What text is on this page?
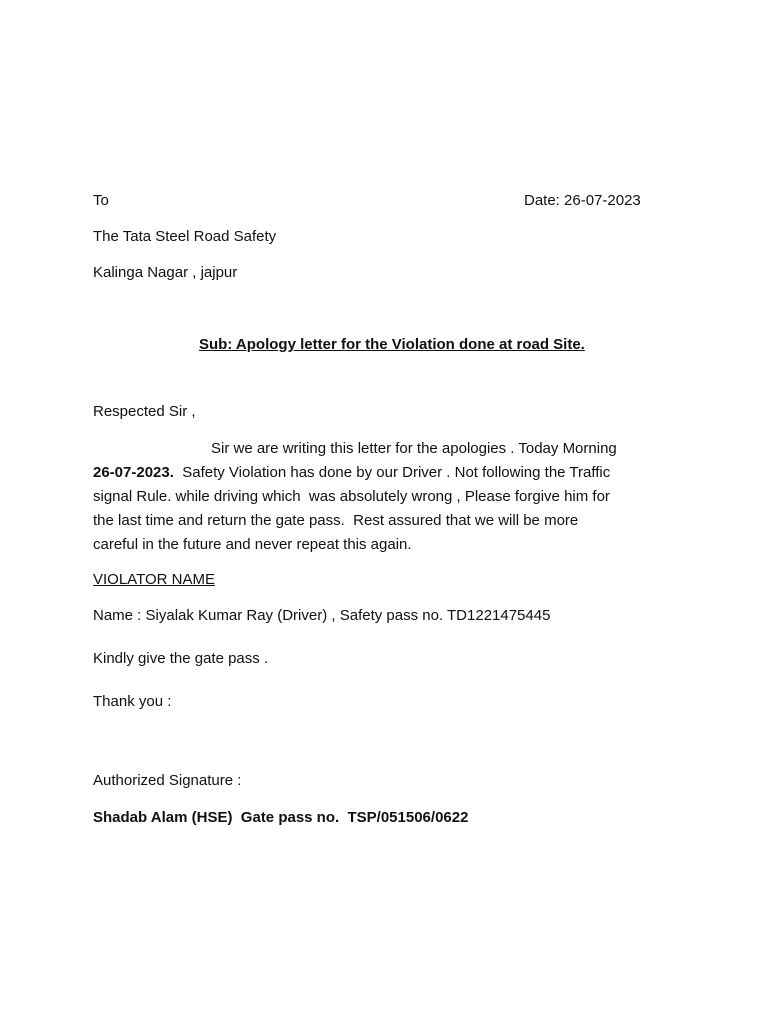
To	Date: 26-07-2023
The Tata Steel Road Safety
Kalinga Nagar , jajpur
Sub: Apology letter for the Violation done at road Site.
Respected Sir ,
Sir we are writing this letter for the apologies . Today Morning
26-07-2023.  Safety Violation has done by our Driver . Not following the Traffic
signal Rule. while driving which  was absolutely wrong , Please forgive him for
the last time and return the gate pass.  Rest assured that we will be more
careful in the future and never repeat this again.
VIOLATOR NAME
Name : Siyalak Kumar Ray (Driver) , Safety pass no. TD1221475445
Kindly give the gate pass .
Thank you :
Authorized Signature :
Shadab Alam (HSE)  Gate pass no.  TSP/051506/0622
